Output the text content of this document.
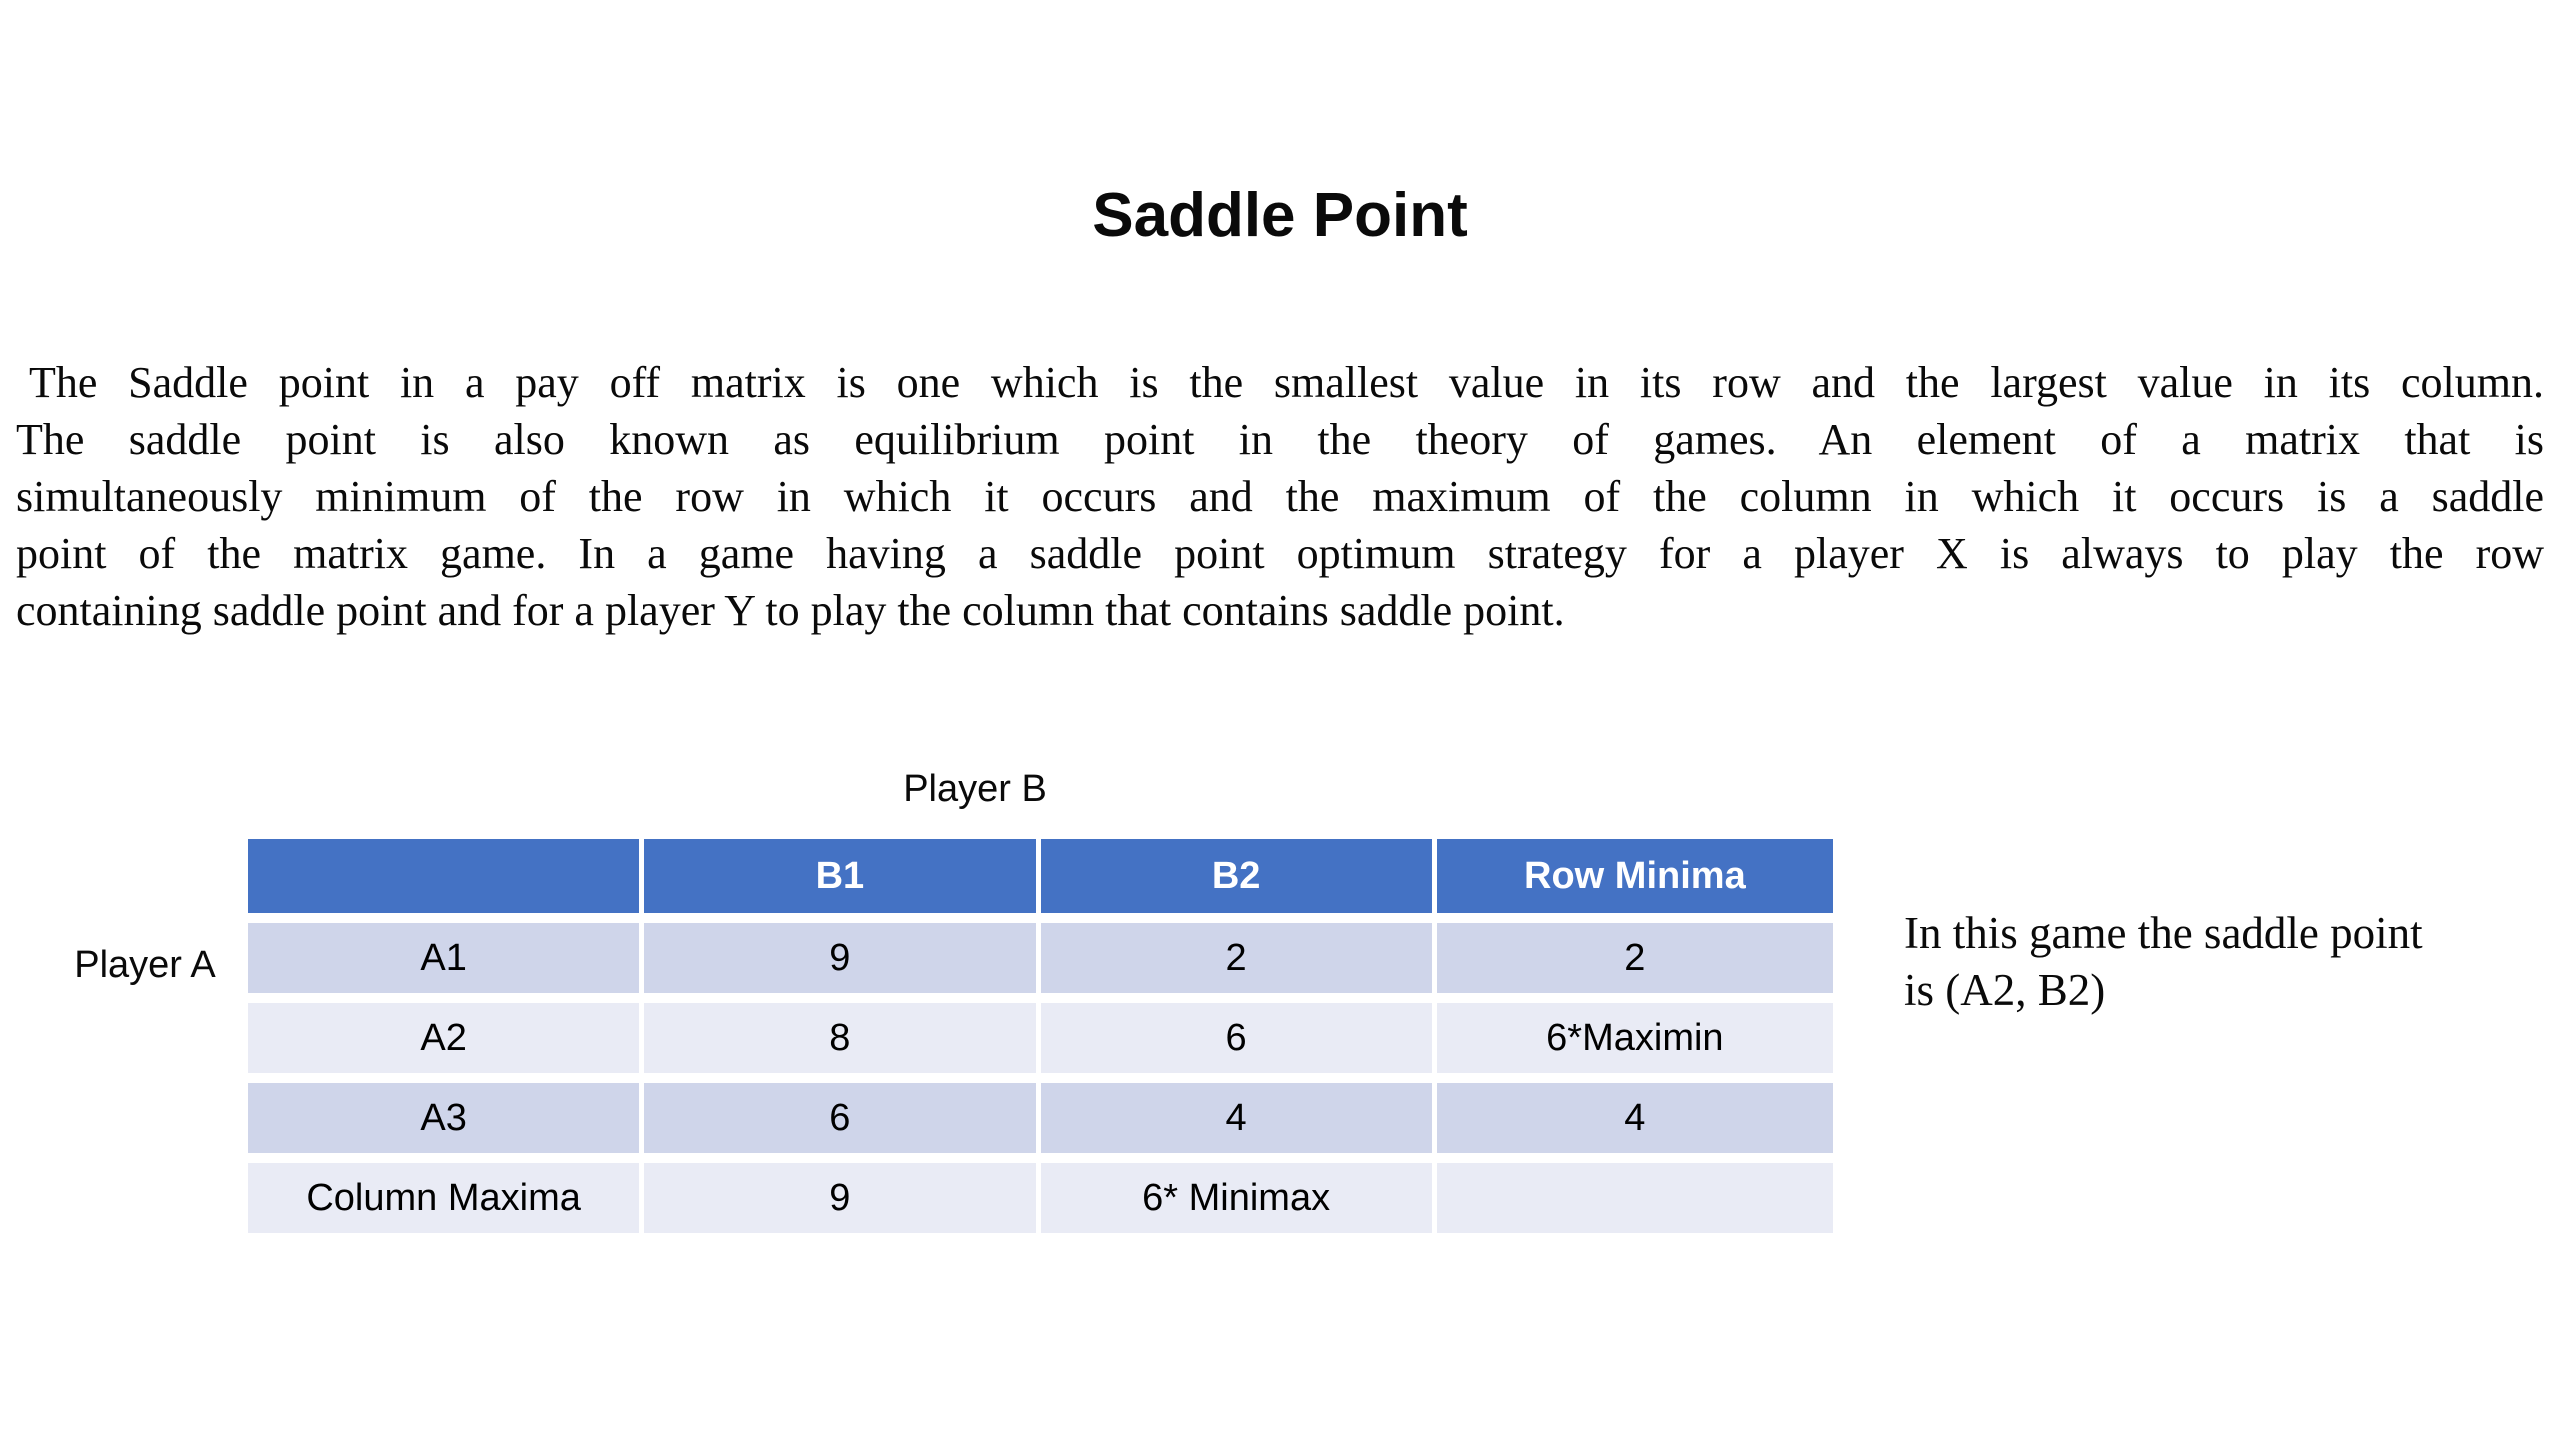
Saddle Point
The Saddle point in a pay off matrix is one which is the smallest value in its row and the largest value in its column.
The saddle point is also known as equilibrium point in the theory of games. An element of a matrix that is
simultaneously minimum of the row in which it occurs and the maximum of the column in which it occurs is a saddle
point of the matrix game. In a game having a saddle point optimum strategy for a player X is always to play the row
containing saddle point and for a player Y to play the column that contains saddle point.
Player B
Player A
	B1	B2	Row Minima
A1	9	2	2
A2	8	6	6*Maximin
A3	6	4	4
Column Maxima	9	6* Minimax	
In this game the saddle point
is (A2, B2)
